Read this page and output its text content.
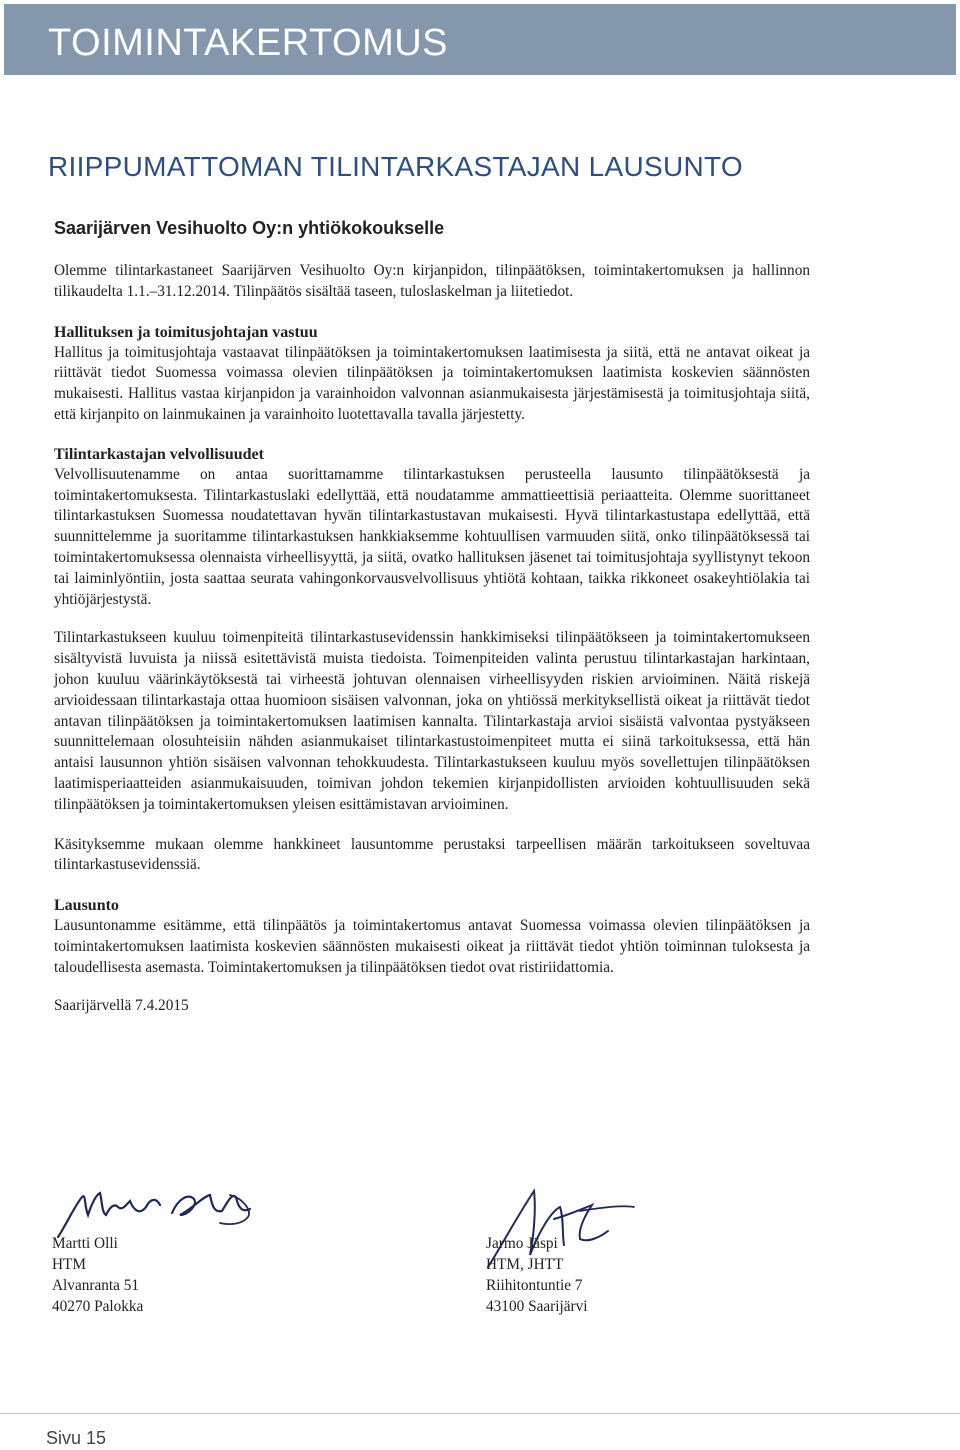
TOIMINTAKERTOMUS
RIIPPUMATTOMAN TILINTARKASTAJAN LAUSUNTO
Saarijärven Vesihuolto Oy:n yhtiökokoukselle

Olemme tilintarkastaneet Saarijärven Vesihuolto Oy:n kirjanpidon, tilinpäätöksen, toimintakertomuksen ja hallinnon tilikaudelta 1.1.–31.12.2014. Tilinpäätös sisältää taseen, tuloslaskelman ja liitetiedot.

Hallituksen ja toimitusjohtajan vastuu

Hallitus ja toimitusjohtaja vastaavat tilinpäätöksen ja toimintakertomuksen laatimisesta ja siitä, että ne antavat oikeat ja riittävät tiedot Suomessa voimassa olevien tilinpäätöksen ja toimintakertomuksen laatimista koskevien säännösten mukaisesti. Hallitus vastaa kirjanpidon ja varainhoidon valvonnan asianmukaisesta järjestämisestä ja toimitusjohtaja siitä, että kirjanpito on lainmukainen ja varainhoito luotettavalla tavalla järjestetty.

Tilintarkastajan velvollisuudet

Velvollisuutenamme on antaa suorittamamme tilintarkastuksen perusteella lausunto tilinpäätöksestä ja toimintakertomuksesta. Tilintarkastuslaki edellyttää, että noudatamme ammattieettisiä periaatteita. Olemme suorittaneet tilintarkastuksen Suomessa noudatettavan hyvän tilintarkastustavan mukaisesti. Hyvä tilintarkastustapa edellyttää, että suunnittelemme ja suoritamme tilintarkastuksen hankkiaksemme kohtuullisen varmuuden siitä, onko tilinpäätöksessä tai toimintakertomuksessa olennaista virheellisyyttä, ja siitä, ovatko hallituksen jäsenet tai toimitusjohtaja syyllistynyt tekoon tai laiminlyöntiin, josta saattaa seurata vahingonkorvausvelvollisuus yhtiötä kohtaan, taikka rikkoneet osakeyhtiölakia tai yhtiöjärjestystä.

Tilintarkastukseen kuuluu toimenpiteitä tilintarkastusevidenssin hankkimiseksi tilinpäätökseen ja toimintakertomukseen sisältyvistä luvuista ja niissä esitettävistä muista tiedoista. Toimenpiteiden valinta perustuu tilintarkastajan harkintaan, johon kuuluu väärinkäytöksestä tai virheestä johtuvan olennaisen virheellisyyden riskien arvioiminen. Näitä riskejä arvioidessaan tilintarkastaja ottaa huomioon sisäisen valvonnan, joka on yhtiössä merkityksellistä oikeat ja riittävät tiedot antavan tilinpäätöksen ja toimintakertomuksen laatimisen kannalta. Tilintarkastaja arvioi sisäistä valvontaa pystyäkseen suunnittelemaan olosuhteisiin nähden asianmukaiset tilintarkastustoimenpiteet mutta ei siinä tarkoituksessa, että hän antaisi lausunnon yhtiön sisäisen valvonnan tehokkuudesta. Tilintarkastukseen kuuluu myös sovellettujen tilinpäätöksen laatimisperiaatteiden asianmukaisuuden, toimivan johdon tekemien kirjanpidollisten arvioiden kohtuullisuuden sekä tilinpäätöksen ja toimintakertomuksen yleisen esittämistavan arvioiminen.

Käsityksemme mukaan olemme hankkineet lausuntomme perustaksi tarpeellisen määrän tarkoitukseen soveltuvaa tilintarkastusevidenssiä.

Lausunto

Lausuntonamme esitämme, että tilinpäätös ja toimintakertomus antavat Suomessa voimassa olevien tilinpäätöksen ja toimintakertomuksen laatimista koskevien säännösten mukaisesti oikeat ja riittävät tiedot yhtiön toiminnan tuloksesta ja taloudellisesta asemasta. Toimintakertomuksen ja tilinpäätöksen tiedot ovat ristiriidattomia.

Saarijärvellä 7.4.2015
Martti Olli
HTM
Alvanranta 51
40270 Palokka
Jarmo Jäspi
HTM, JHTT
Riihitontuntie 7
43100 Saarijärvi
Sivu 15
